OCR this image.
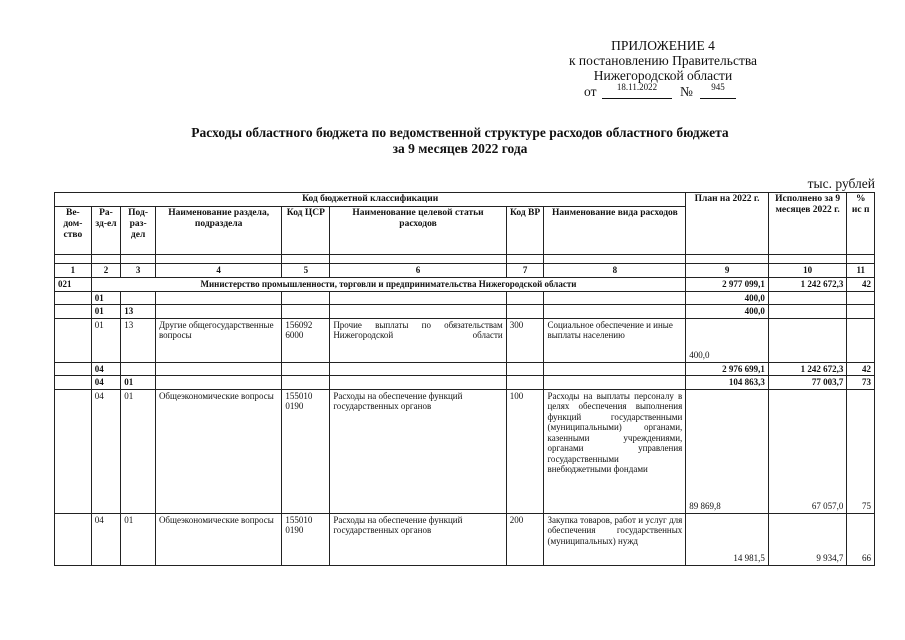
ПРИЛОЖЕНИЕ 4
к постановлению Правительства
Нижегородской области
от	18.11.2022	№	945
Расходы областного бюджета по ведомственной структуре расходов областного бюджета
за 9 месяцев 2022 года
тыс. рублей
Код бюджетной классификации								План на 2022 г.	Исполнено за 9 месяцев 2022 г.	% ис п
Ве-дом-ство	Ра-зд-ел	Под-раз-дел	Наименование раздела, подраздела	Код ЦСР	Наименование целевой статьи расходов	Код ВР	Наименование вида расходов			

1	2	3	4	5	6	7	8	9	10	11
021	Министерство промышленности, торговли и предпринимательства Нижегородской области							2 977 099,1	1 242 672,3	42
	01							400,0		
	01	13						400,0		
	01	13	Другие общегосударственные вопросы	156092 6000	Прочие выплаты по обязательствам Нижегородской области	300	Социальное обеспечение и иные выплаты населению	400,0		
	04							2 976 699,1	1 242 672,3	42
	04	01						104 863,3	77 003,7	73
	04	01	Общеэкономические вопросы	155010 0190	Расходы на обеспечение функций государственных органов	100	Расходы на выплаты персоналу в целях обеспечения выполнения функций государственными (муниципальными) органами, казенными учреждениями, органами управления государственными внебюджетными фондами	89 869,8	67 057,0	75
	04	01	Общеэкономические вопросы	155010 0190	Расходы на обеспечение функций государственных органов	200	Закупка товаров, работ и услуг для обеспечения государственных (муниципальных) нужд	14 981,5	9 934,7	66
